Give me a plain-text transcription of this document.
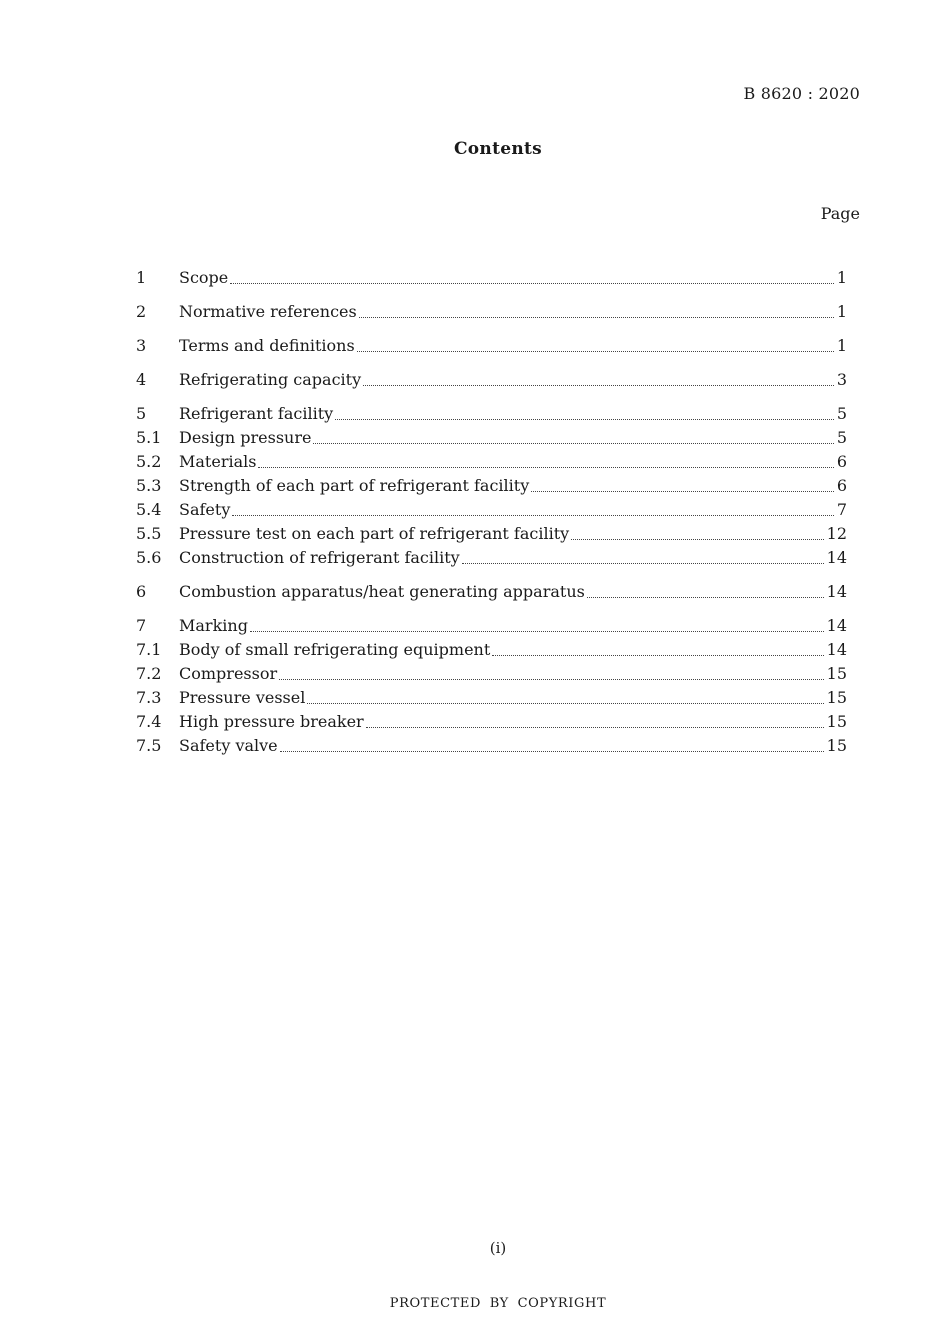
B 8620 : 2020
Contents
Page
1	Scope	1
2	Normative references	1
3	Terms and definitions	1
4	Refrigerating capacity	3
5	Refrigerant facility	5
5.1	Design pressure	5
5.2	Materials	6
5.3	Strength of each part of refrigerant facility	6
5.4	Safety	7
5.5	Pressure test on each part of refrigerant facility	12
5.6	Construction of refrigerant facility	14
6	Combustion apparatus/heat generating apparatus	14
7	Marking	14
7.1	Body of small refrigerating equipment	14
7.2	Compressor	15
7.3	Pressure vessel	15
7.4	High pressure breaker	15
7.5	Safety valve	15
(i)
PROTECTED BY COPYRIGHT
